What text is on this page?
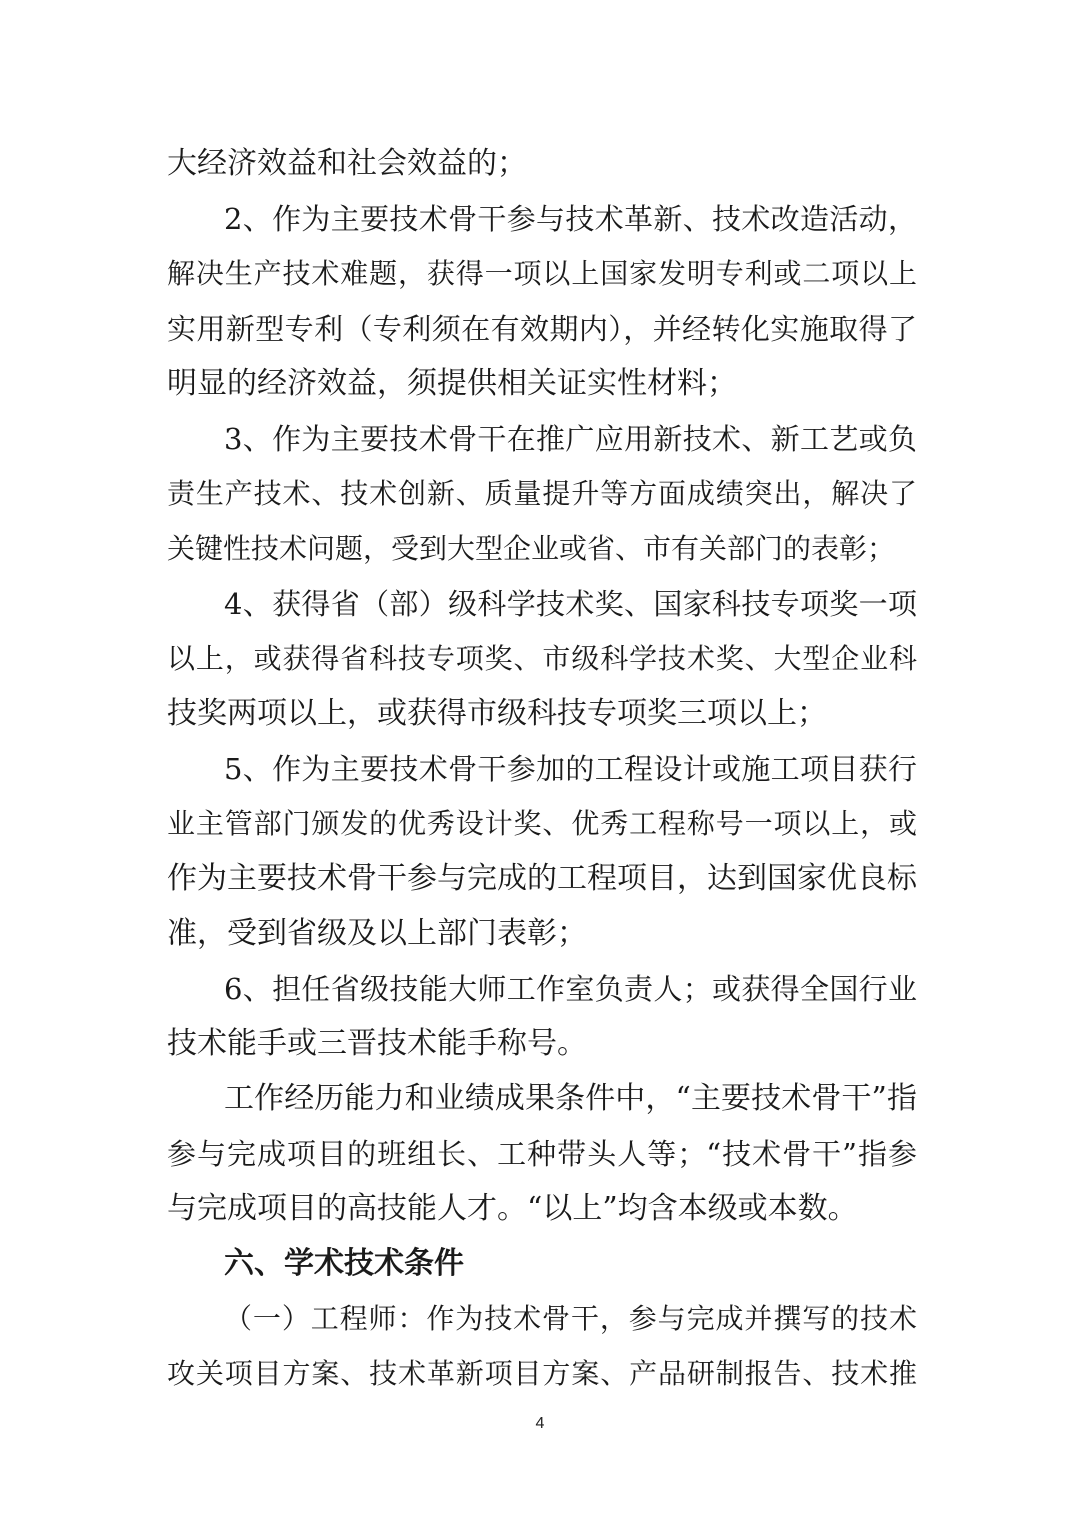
大经济效益和社会效益的；
2、作为主要技术骨干参与技术革新、技术改造活动，
解决生产技术难题，获得一项以上国家发明专利或二项以上
实用新型专利（专利须在有效期内），并经转化实施取得了
明显的经济效益，须提供相关证实性材料；
3、作为主要技术骨干在推广应用新技术、新工艺或负
责生产技术、技术创新、质量提升等方面成绩突出，解决了
关键性技术问题，受到大型企业或省、市有关部门的表彰；
4、获得省（部）级科学技术奖、国家科技专项奖一项
以上，或获得省科技专项奖、市级科学技术奖、大型企业科
技奖两项以上，或获得市级科技专项奖三项以上；
5、作为主要技术骨干参加的工程设计或施工项目获行
业主管部门颁发的优秀设计奖、优秀工程称号一项以上，或
作为主要技术骨干参与完成的工程项目，达到国家优良标
准，受到省级及以上部门表彰；
6、担任省级技能大师工作室负责人；或获得全国行业
技术能手或三晋技术能手称号。
工作经历能力和业绩成果条件中，“主要技术骨干”指
参与完成项目的班组长、工种带头人等；“技术骨干”指参
与完成项目的高技能人才。“以上”均含本级或本数。
六、学术技术条件
（一）工程师：作为技术骨干，参与完成并撰写的技术
攻关项目方案、技术革新项目方案、产品研制报告、技术推
4
